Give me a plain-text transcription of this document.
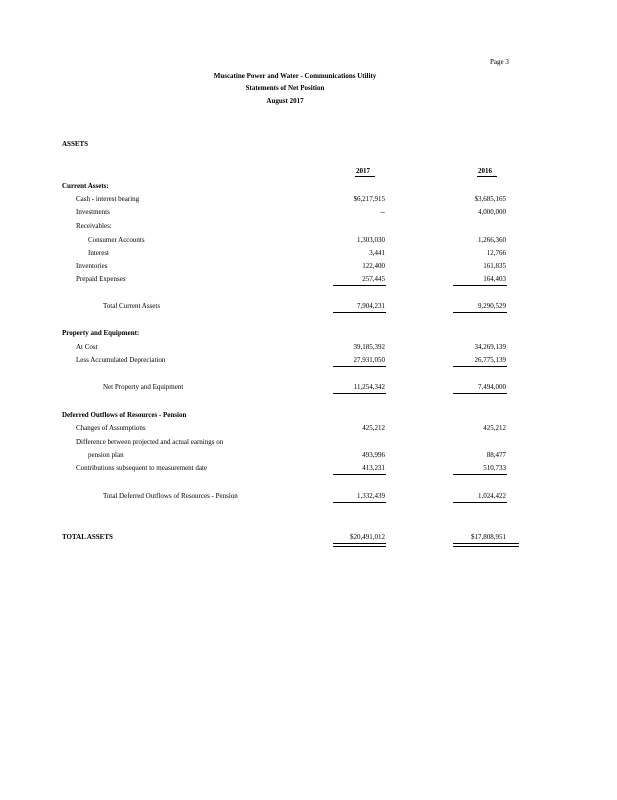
Page 3
Muscatine Power and Water - Communications Utility
Statements of Net Position
August 2017
ASSETS
2017	2016
Current Assets:
Cash - interest bearing	$6,217,915	$3,685,165
Investments	--	4,000,000
Receivables:
Consumer Accounts	1,303,030	1,266,360
Interest	3,441	12,766
Inventories	122,400	161,835
Prepaid Expenses	257,445	164,403
Total Current Assets	7,904,231	9,290,529
Property and Equipment:
At Cost	39,185,392	34,269,139
Less Accumulated Depreciation	27,931,050	26,775,139
Net Property and Equipment	11,254,342	7,494,000
Deferred Outflows of Resources - Pension
Changes of Assumptions	425,212	425,212
Difference between projected and actual earnings on
pension plan	493,996	88,477
Contributions subsequent to measurement date	413,231	510,733
Total Deferred Outflows of Resources - Pension	1,332,439	1,024,422
TOTAL ASSETS	$20,491,012	$17,808,951
